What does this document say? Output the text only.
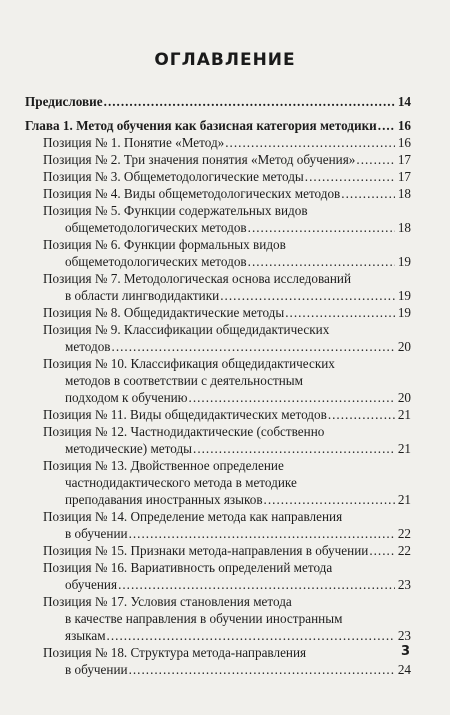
ОГЛАВЛЕНИЕ
Предисловие .....	14
Глава 1. Метод обучения как базисная категория методики ..... 16
Позиция № 1. Понятие «Метод» .....	16
Позиция № 2. Три значения понятия «Метод обучения» .....	17
Позиция № 3. Общеметодологические методы .....	17
Позиция № 4. Виды общеметодологических методов .....	18
Позиция № 5. Функции содержательных видов
общеметодологических методов .....	18
Позиция № 6. Функции формальных видов
общеметодологических методов .....	19
Позиция № 7. Методологическая основа исследований
в области лингводидактики .....	19
Позиция № 8. Общедидактические методы .....	19
Позиция № 9. Классификации общедидактических
методов .....	20
Позиция № 10. Классификация общедидактических
методов в соответствии с деятельностным
подходом к обучению .....	20
Позиция № 11. Виды общедидактических методов .....	21
Позиция № 12. Частнодидактические (собственно
методические) методы .....	21
Позиция № 13. Двойственное определение
частнодидактического метода в методике
преподавания иностранных языков .....	21
Позиция № 14. Определение метода как направления
в обучении .....	22
Позиция № 15. Признаки метода-направления в обучении ..... 22
Позиция № 16. Вариативность определений метода
обучения .....	23
Позиция № 17. Условия становления метода
в качестве направления в обучении иностранным
языкам .....	23
Позиция № 18. Структура метода-направления
в обучении .....	24
3
